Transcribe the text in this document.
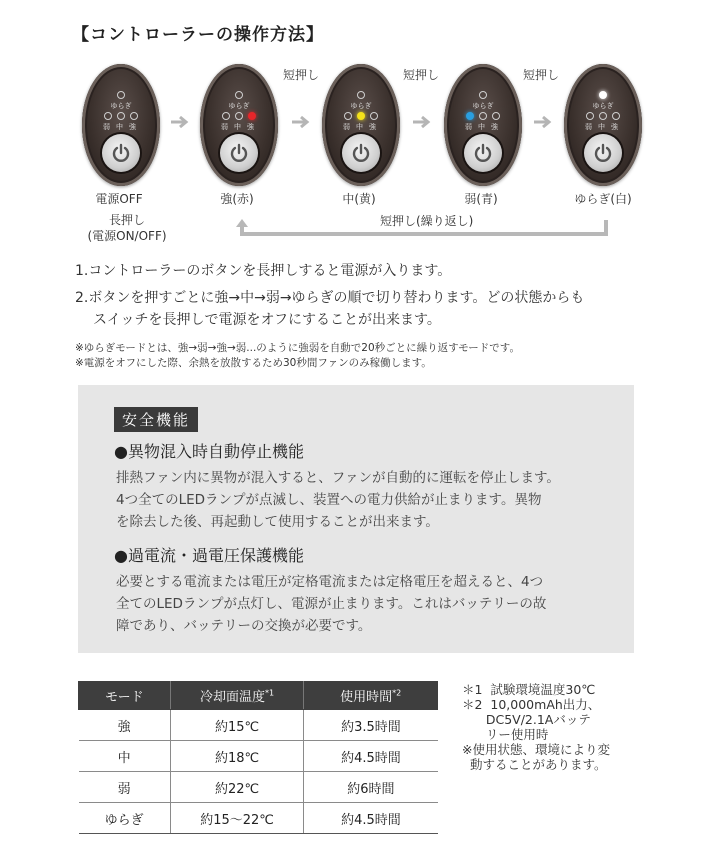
【コントローラーの操作方法】
ゆらぎ
弱 中 強
電源OFF
ゆらぎ
弱 中 強
強(赤)
ゆらぎ
弱 中 強
中(黄)
ゆらぎ
弱 中 強
弱(青)
ゆらぎ
弱 中 強
ゆらぎ(白)
短押し	短押し	短押し
長押し
(電源ON/OFF)
短押し(繰り返し)
1.コントローラーのボタンを長押しすると電源が入ります。
2.ボタンを押すごとに強→中→弱→ゆらぎの順で切り替わります。どの状態からも
スイッチを長押しで電源をオフにすることが出来ます。
※ゆらぎモードとは、強→弱→強→弱...のように強弱を自動で20秒ごとに繰り返すモードです。
※電源をオフにした際、余熱を放散するため30秒間ファンのみ稼働します。
安全機能
●異物混入時自動停止機能
排熱ファン内に異物が混入すると、ファンが自動的に運転を停止します。
4つ全てのLEDランプが点滅し、装置への電力供給が止まります。異物
を除去した後、再起動して使用することが出来ます。
●過電流・過電圧保護機能
必要とする電流または電圧が定格電流または定格電圧を超えると、4つ
全てのLEDランプが点灯し、電源が止まります。これはバッテリーの故
障であり、バッテリーの交換が必要です。
モード	冷却面温度$^{*1}$	使用時間$^{*2}$
強	約15℃	約3.5時間
中	約18℃	約4.5時間
弱	約22℃	約6時間
ゆらぎ	約15～22℃	約4.5時間
＊1  試験環境温度30℃
＊2  10,000mAh出力、
DC5V/2.1Aバッテ
リー使用時
※使用状態、環境により変
動することがあります。
